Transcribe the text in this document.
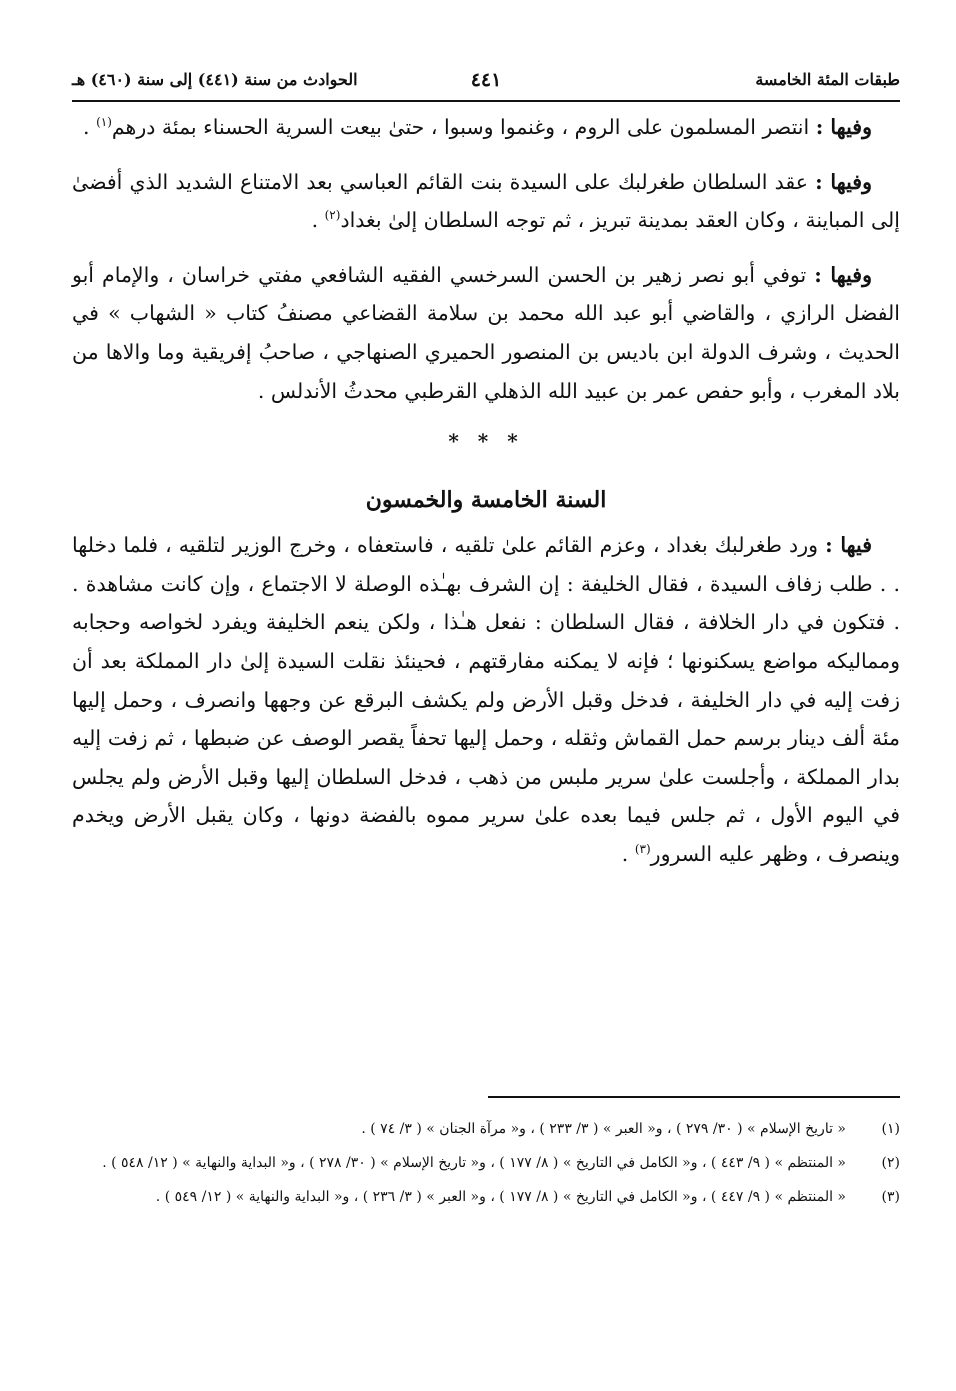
طبقات المئة الخامسة
٤٤١
الحوادث من سنة (٤٤١) إلى سنة (٤٦٠) هـ

وفيها : انتصر المسلمون على الروم ، وغنموا وسبوا ، حتىٰ بيعت السرية الحسناء بمئة درهم$^{(١)}$ .

وفيها : عقد السلطان طغرلبك على السيدة بنت القائم العباسي بعد الامتناع الشديد الذي أفضىٰ إلى المباينة ، وكان العقد بمدينة تبريز ، ثم توجه السلطان إلىٰ بغداد$^{(٢)}$ .

وفيها : توفي أبو نصر زهير بن الحسن السرخسي الفقيه الشافعي مفتي خراسان ، والإمام أبو الفضل الرازي ، والقاضي أبو عبد الله محمد بن سلامة القضاعي مصنفُ كتاب « الشهاب » في الحديث ، وشرف الدولة ابن باديس بن المنصور الحميري الصنهاجي ، صاحبُ إفريقية وما والاها من بلاد المغرب ، وأبو حفص عمر بن عبيد الله الذهلي القرطبي محدثُ الأندلس .

* * *
السنة الخامسة والخمسون

فيها : ورد طغرلبك بغداد ، وعزم القائم علىٰ تلقيه ، فاستعفاه ، وخرج الوزير لتلقيه ، فلما دخلها . . طلب زفاف السيدة ، فقال الخليفة : إن الشرف بهـٰذه الوصلة لا الاجتماع ، وإن كانت مشاهدة . . فتكون في دار الخلافة ، فقال السلطان : نفعل هـٰذا ، ولكن ينعم الخليفة ويفرد لخواصه وحجابه ومماليكه مواضع يسكنونها ؛ فإنه لا يمكنه مفارقتهم ، فحينئذ نقلت السيدة إلىٰ دار المملكة بعد أن زفت إليه في دار الخليفة ، فدخل وقبل الأرض ولم يكشف البرقع عن وجهها وانصرف ، وحمل إليها مئة ألف دينار برسم حمل القماش وثقله ، وحمل إليها تحفاً يقصر الوصف عن ضبطها ، ثم زفت إليه بدار المملكة ، وأجلست علىٰ سرير ملبس من ذهب ، فدخل السلطان إليها وقبل الأرض ولم يجلس في اليوم الأول ، ثم جلس فيما بعده علىٰ سرير مموه بالفضة دونها ، وكان يقبل الأرض ويخدم وينصرف ، وظهر عليه السرور$^{(٣)}$ .

(١)
« تاريخ الإسلام » ( ٣٠/ ٢٧٩ ) ، و« العبر » ( ٣/ ٢٣٣ ) ، و« مرآة الجنان » ( ٣/ ٧٤ ) .
(٢)
« المنتظم » ( ٩/ ٤٤٣ ) ، و« الكامل في التاريخ » ( ٨/ ١٧٧ ) ، و« تاريخ الإسلام » ( ٣٠/ ٢٧٨ ) ، و« البداية والنهاية » ( ١٢/ ٥٤٨ ) .
(٣)
« المنتظم » ( ٩/ ٤٤٧ ) ، و« الكامل في التاريخ » ( ٨/ ١٧٧ ) ، و« العبر » ( ٣/ ٢٣٦ ) ، و« البداية والنهاية » ( ١٢/ ٥٤٩ ) .
